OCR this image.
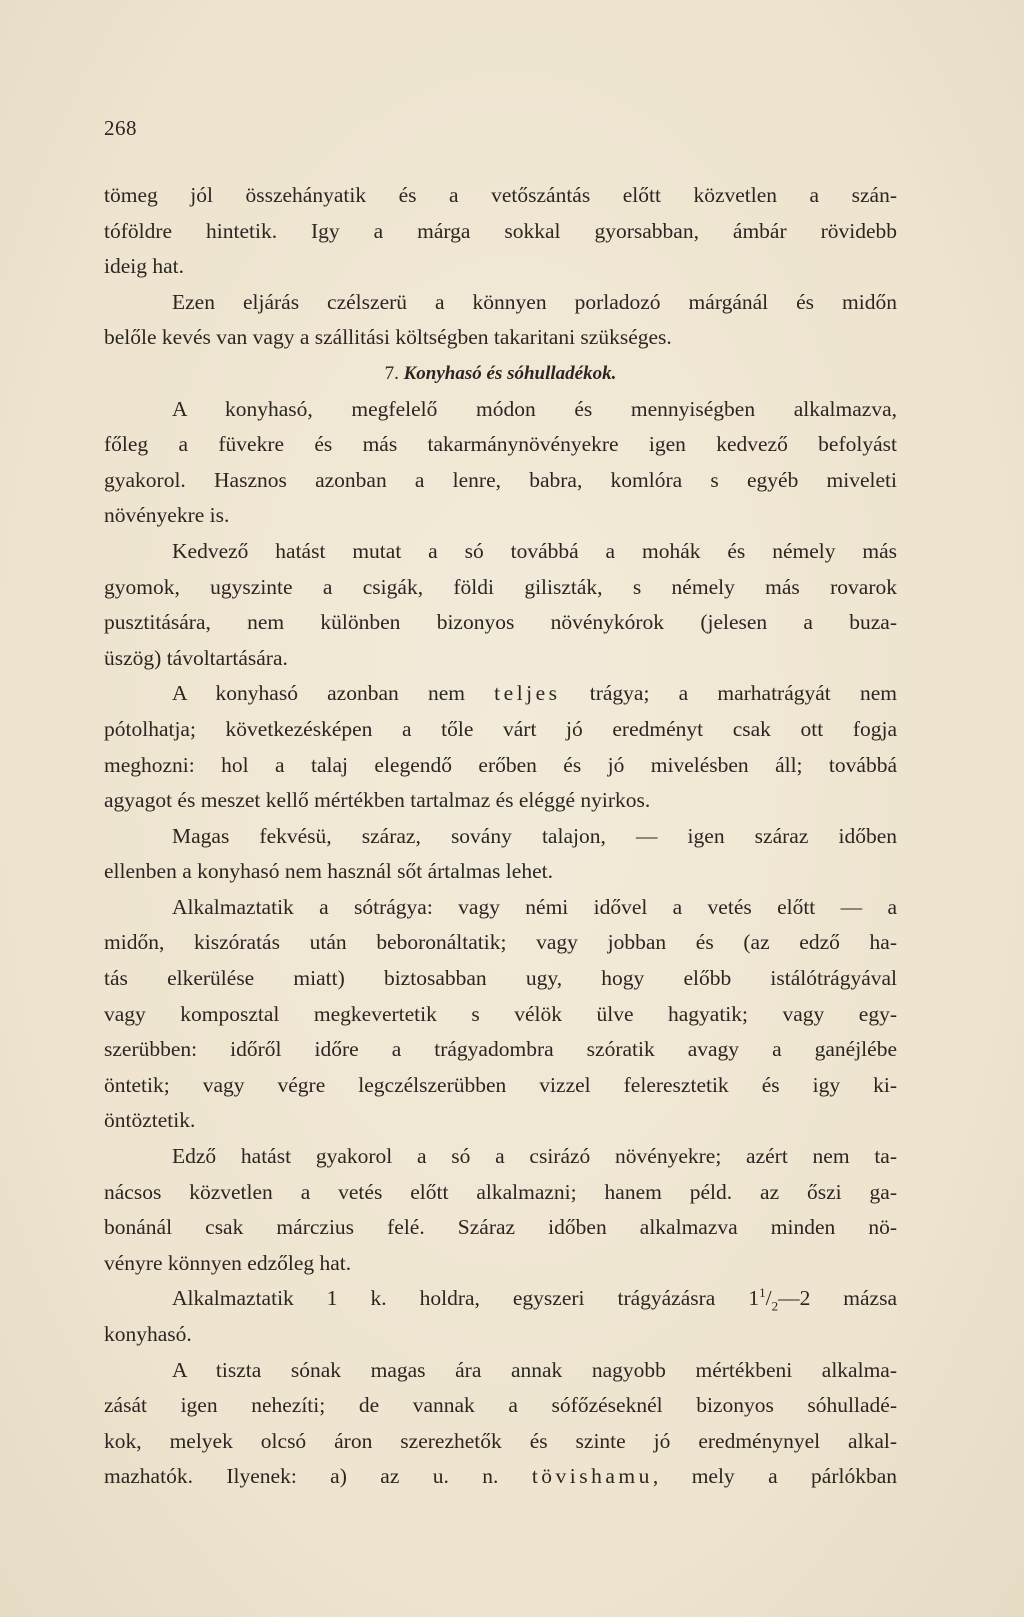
268
tömeg jól összehányatik és a vetőszántás előtt közvetlen a szán-
tóföldre hintetik. Igy a márga sokkal gyorsabban, ámbár rövidebb
ideig hat.
Ezen eljárás czélszerü a könnyen porladozó márgánál és midőn
belőle kevés van vagy a szállitási költségben takaritani szükséges.
7. Konyhasó és sóhulladékok.
A konyhasó, megfelelő módon és mennyiségben alkalmazva,
főleg a füvekre és más takarmánynövényekre igen kedvező befolyást
gyakorol. Hasznos azonban a lenre, babra, komlóra s egyéb miveleti
növényekre is.
Kedvező hatást mutat a só továbbá a mohák és némely más
gyomok, ugyszinte a csigák, földi giliszták, s némely más rovarok
pusztitására, nem különben bizonyos növénykórok (jelesen a buza-
üszög) távoltartására.
A konyhasó azonban nem teljes trágya; a marhatrágyát nem
pótolhatja; következésképen a tőle várt jó eredményt csak ott fogja
meghozni: hol a talaj elegendő erőben és jó mivelésben áll; továbbá
agyagot és meszet kellő mértékben tartalmaz és eléggé nyirkos.
Magas fekvésü, száraz, sovány talajon, — igen száraz időben
ellenben a konyhasó nem használ sőt ártalmas lehet.
Alkalmaztatik a sótrágya: vagy némi idővel a vetés előtt — a
midőn, kiszóratás után beboronáltatik; vagy jobban és (az edző ha-
tás elkerülése miatt) biztosabban ugy, hogy előbb istálótrágyával
vagy komposztal megkevertetik s vélök ülve hagyatik; vagy egy-
szerübben: időről időre a trágyadombra szóratik avagy a ganéjlébe
öntetik; vagy végre legczélszerübben vizzel feleresztetik és igy ki-
öntöztetik.
Edző hatást gyakorol a só a csirázó növényekre; azért nem ta-
nácsos közvetlen a vetés előtt alkalmazni; hanem péld. az őszi ga-
bonánál csak márczius felé. Száraz időben alkalmazva minden nö-
vényre könnyen edzőleg hat.
Alkalmaztatik 1 k. holdra, egyszeri trágyázásra $1^1/_2—2$ mázsa
konyhasó.
A tiszta sónak magas ára annak nagyobb mértékbeni alkalma-
zását igen nehezíti; de vannak a sófőzéseknél bizonyos sóhulladé-
kok, melyek olcsó áron szerezhetők és szinte jó eredménynyel alkal-
mazhatók. Ilyenek: a) az u. n. tövishamu, mely a párlókban
